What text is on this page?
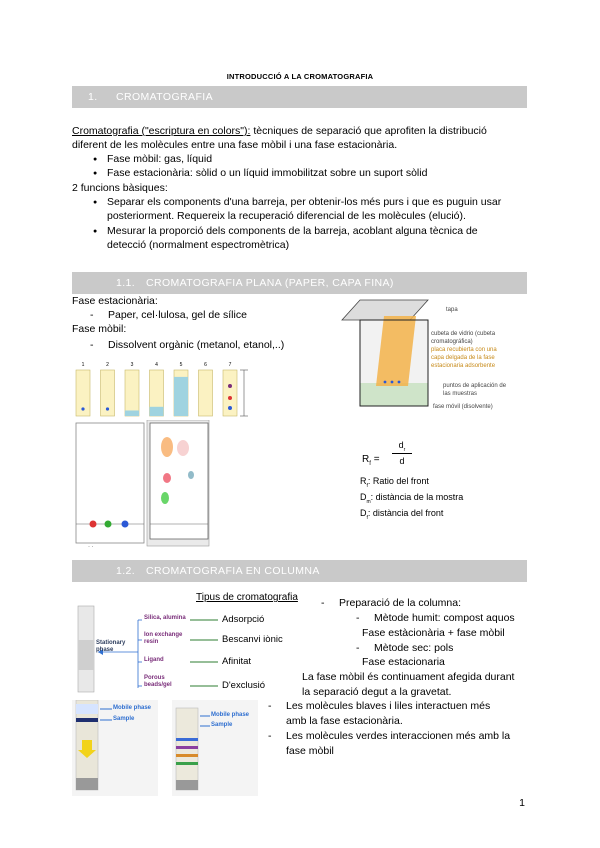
INTRODUCCIÓ A LA CROMATOGRAFIA
1. CROMATOGRAFIA
Cromatografia ("escriptura en colors"): tècniques de separació que aprofiten la distribució
diferent de les molècules entre una fase mòbil i una fase estacionària.
● Fase mòbil: gas, líquid
● Fase estacionària: sòlid o un líquid immobilitzat sobre un suport sòlid
2 funcions bàsiques:
● Separar els components d'una barreja, per obtenir-los més purs i que es puguin usar
posteriorment. Requereix la recuperació diferencial de les molècules (elució).
● Mesurar la proporció dels components de la barreja, acoblant alguna tècnica de
detecció (normalment espectromètrica)
1.1. CROMATOGRAFIA PLANA (PAPER, CAPA FINA)
Fase estacionària:
- Paper, cel·lulosa, gel de sílice
Fase mòbil:
- Dissolvent orgànic (metanol, etanol,..)
1	2	3	4	5	6	7
· ·
tapa
cubeta de vidrio (cubeta cromatográfica)
placa recubierta con una capa delgada de la fase estacionaria adsorbente
puntos de aplicación de las muestras
fase móvil (disolvente)
$R_f$ =
$d_r$
d
$R_f$: Ratio del front
$D_m$: distància de la mostra
$D_f$: distància del front
1.2. CROMATOGRAFIA EN COLUMNA
Tipus de cromatografia
Stationary phase
Silica, alumina
Ion exchange resin
Ligand
Porous beads/gel
Adsorpció
Bescanvi iònic
Afinitat
D'exclusió
Mobile phase
Sample
Mobile phase
Sample
- Preparació de la columna:
- Mètode humit: compost aquos
Fase estàcionària + fase mòbil
- Mètode sec: pols
Fase estacionaria
La fase mòbil és continuament afegida durant
la separació degut a la gravetat.
- Les molècules blaves i liles interactuen més
amb la fase estacionària.
- Les molècules verdes interaccionen més amb la
fase mòbil
1
